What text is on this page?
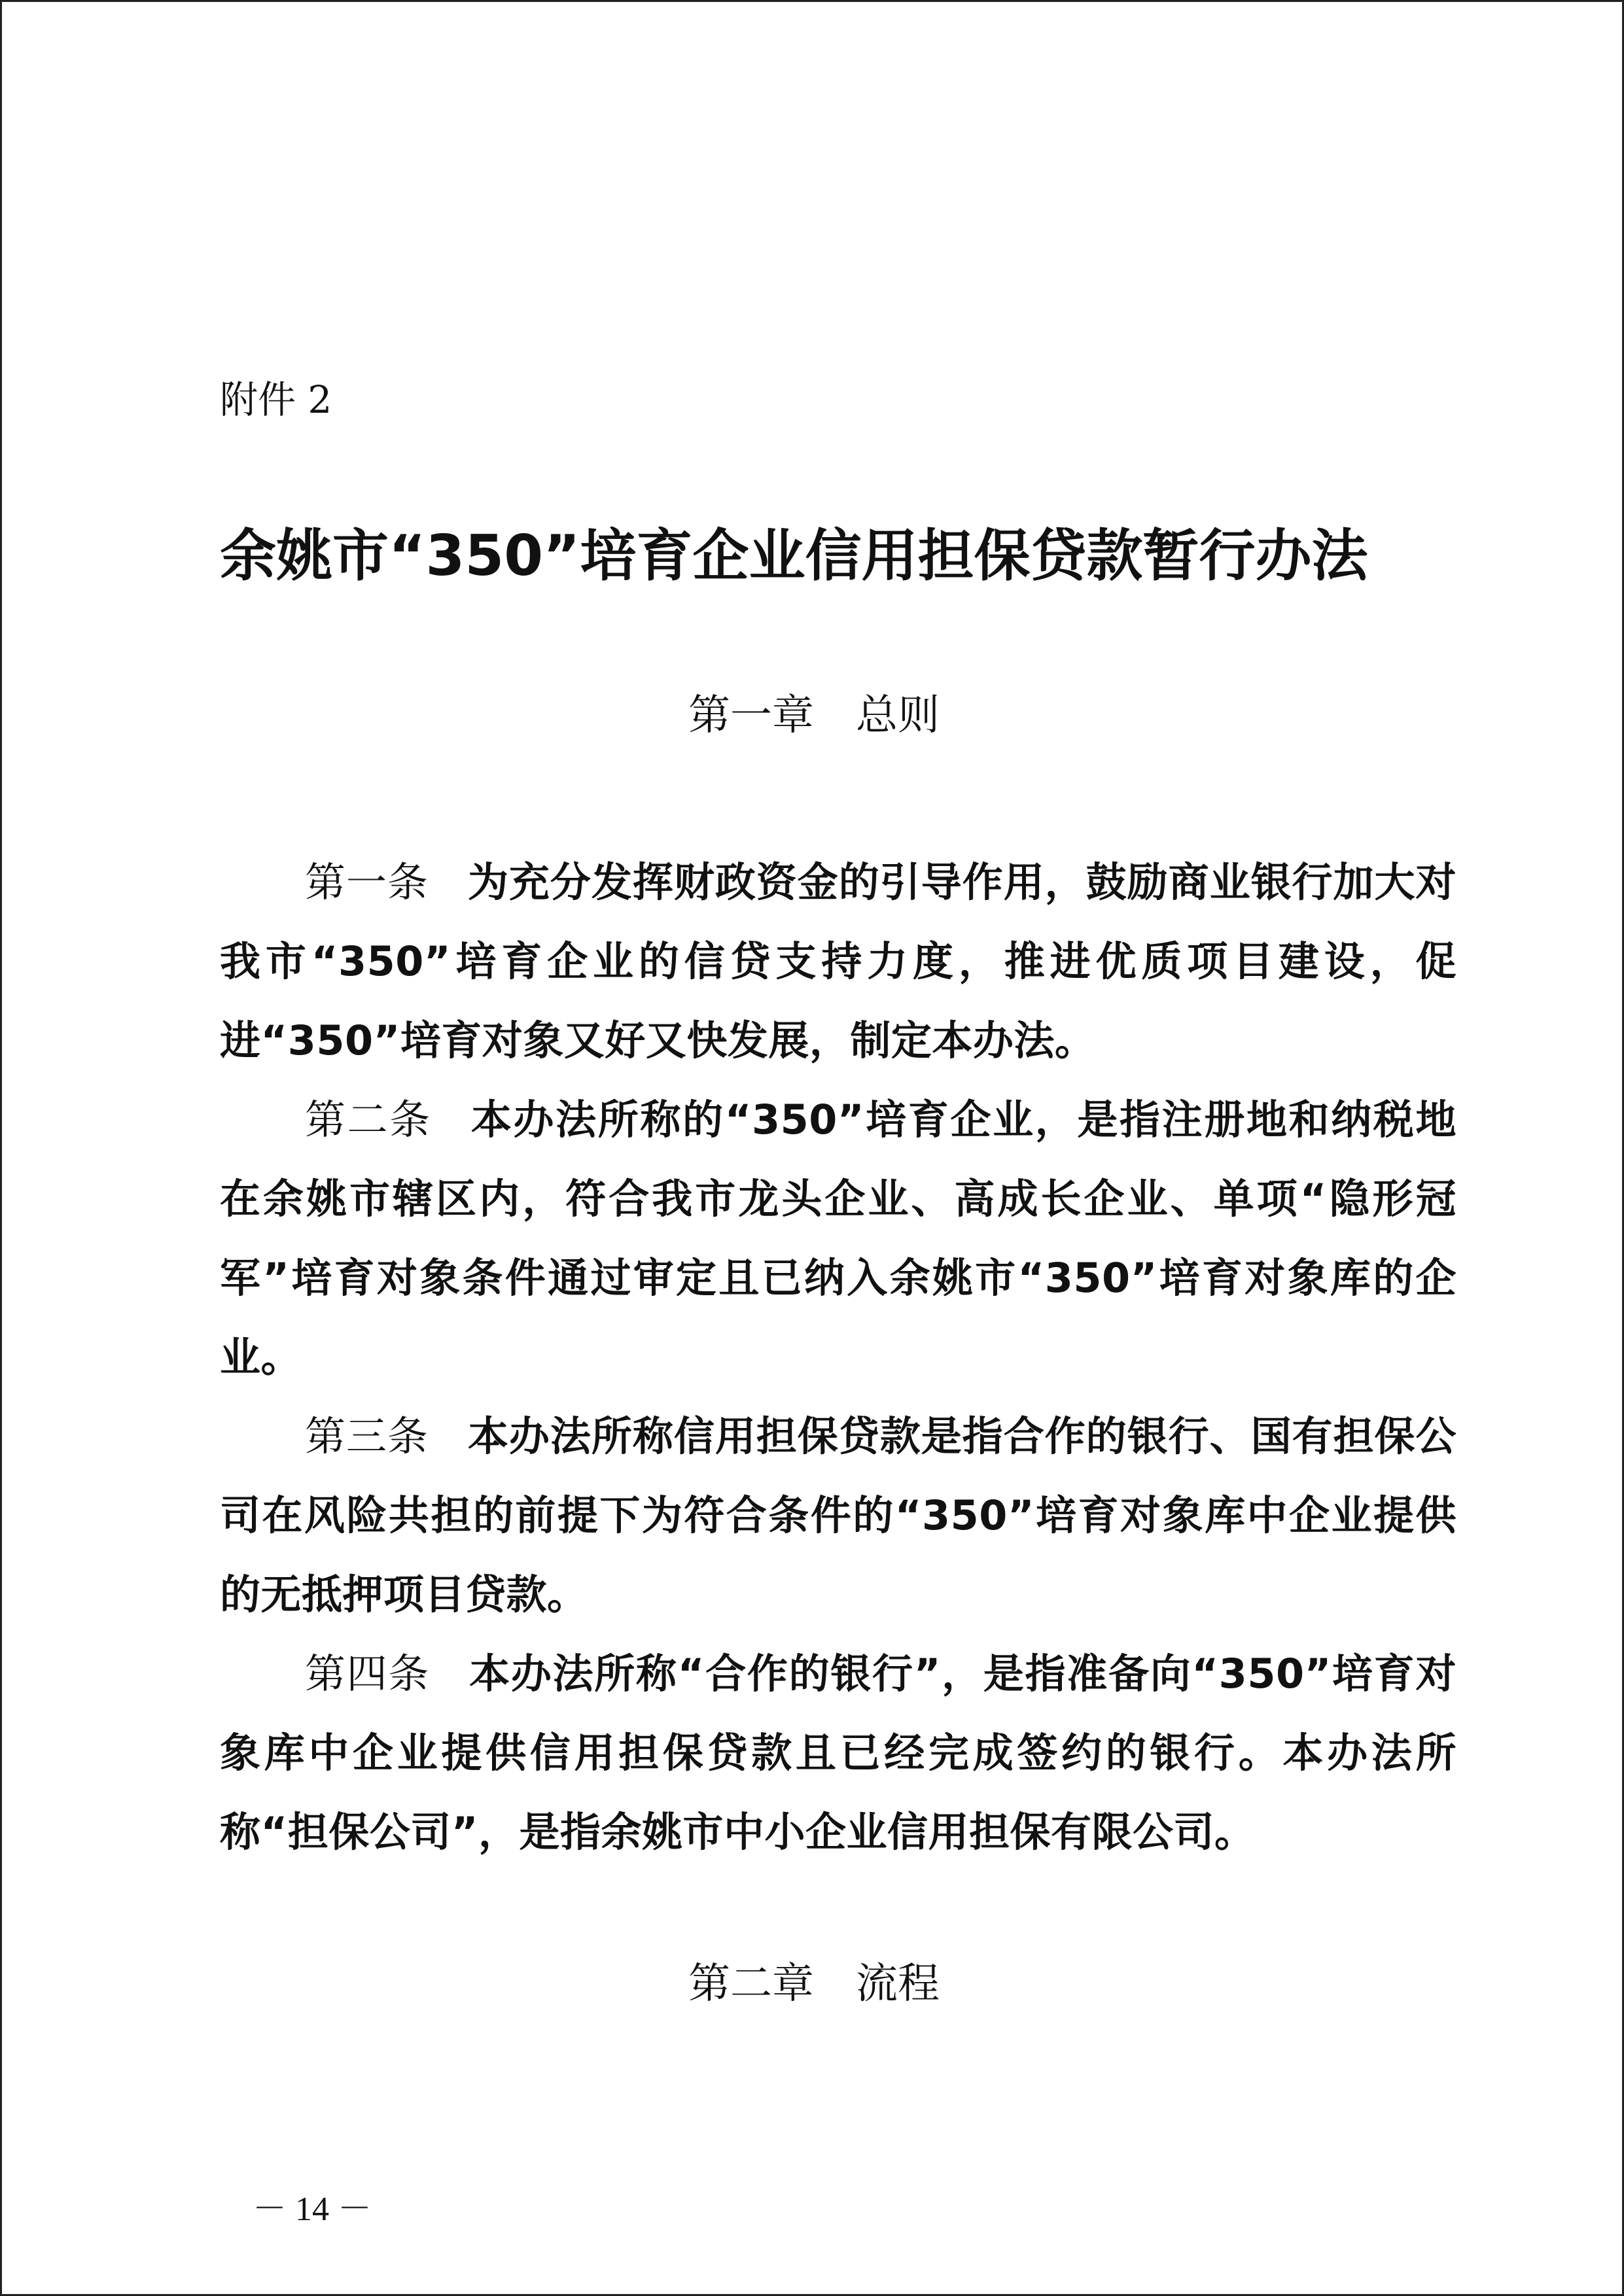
附件 2
余姚市“350”培育企业信用担保贷款暂行办法
第一章　总则

第一条 为充分发挥财政资金的引导作用，鼓励商业银行加大对我市“350”培育企业的信贷支持力度，推进优质项目建设，促进“350”培育对象又好又快发展，制定本办法。

第二条 本办法所称的“350”培育企业，是指注册地和纳税地在余姚市辖区内，符合我市龙头企业、高成长企业、单项“隐形冠军”培育对象条件通过审定且已纳入余姚市“350”培育对象库的企业。

第三条 本办法所称信用担保贷款是指合作的银行、国有担保公司在风险共担的前提下为符合条件的“350”培育对象库中企业提供的无抵押项目贷款。

第四条 本办法所称“合作的银行”，是指准备向“350”培育对象库中企业提供信用担保贷款且已经完成签约的银行。本办法所称“担保公司”，是指余姚市中小企业信用担保有限公司。

第二章　流程
－ 14 －
